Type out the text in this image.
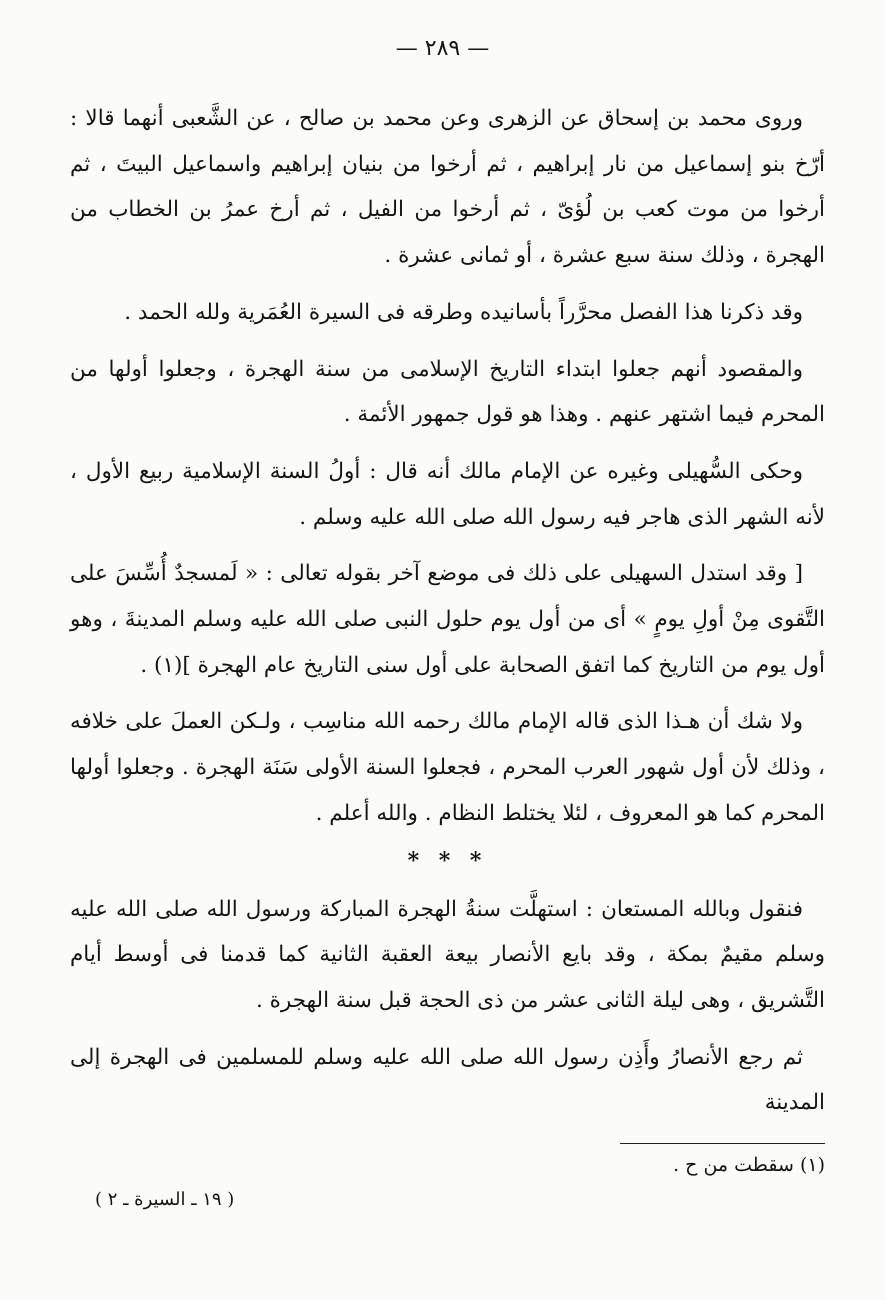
— ٢٨٩ —

وروى محمد بن إسحاق عن الزهرى وعن محمد بن صالح ، عن الشَّعبى أنهما قالا : أرّخ بنو إسماعيل من نار إبراهيم ، ثم أرخوا من بنيان إبراهيم واسماعيل البيتَ ، ثم أرخوا من موت كعب بن لُؤىّ ، ثم أرخوا من الفيل ، ثم أرخ عمرُ بن الخطاب من الهجرة ، وذلك سنة سبع عشرة ، أو ثمانى عشرة .

وقد ذكرنا هذا الفصل محرَّراً بأسانيده وطرقه فى السيرة العُمَرية ولله الحمد .

والمقصود أنهم جعلوا ابتداء التاريخ الإسلامى من سنة الهجرة ، وجعلوا أولها من المحرم فيما اشتهر عنهم . وهذا هو قول جمهور الأئمة .

وحكى السُّهيلى وغيره عن الإمام مالك أنه قال : أولُ السنة الإسلامية ربيع الأول ، لأنه الشهر الذى هاجر فيه رسول الله صلى الله عليه وسلم .

[ وقد استدل السهيلى على ذلك فى موضع آخر بقوله تعالى : « لَمسجدٌ أُسِّسَ على التَّقوى مِنْ أولِ يومٍ » أى من أول يوم حلول النبى صلى الله عليه وسلم المدينةَ ، وهو أول يوم من التاريخ كما اتفق الصحابة على أول سنى التاريخ عام الهجرة ](١) .

ولا شك أن هـذا الذى قاله الإمام مالك رحمه الله مناسِب ، ولـكن العملَ على خلافه ، وذلك لأن أول شهور العرب المحرم ، فجعلوا السنة الأولى سَنَة الهجرة . وجعلوا أولها المحرم كما هو المعروف ، لئلا يختلط النظام . والله أعلم .

* * *

فنقول وبالله المستعان : استهلَّت سنةُ الهجرة المباركة ورسول الله صلى الله عليه وسلم مقيمٌ بمكة ، وقد بايع الأنصار بيعة العقبة الثانية كما قدمنا فى أوسط أيام التَّشريق ، وهى ليلة الثانى عشر من ذى الحجة قبل سنة الهجرة .

ثم رجع الأنصارُ وأَذِن رسول الله صلى الله عليه وسلم للمسلمين فى الهجرة إلى المدينة

(١) سقطت من ح .
( ١٩ ـ السيرة ـ ٢ )
